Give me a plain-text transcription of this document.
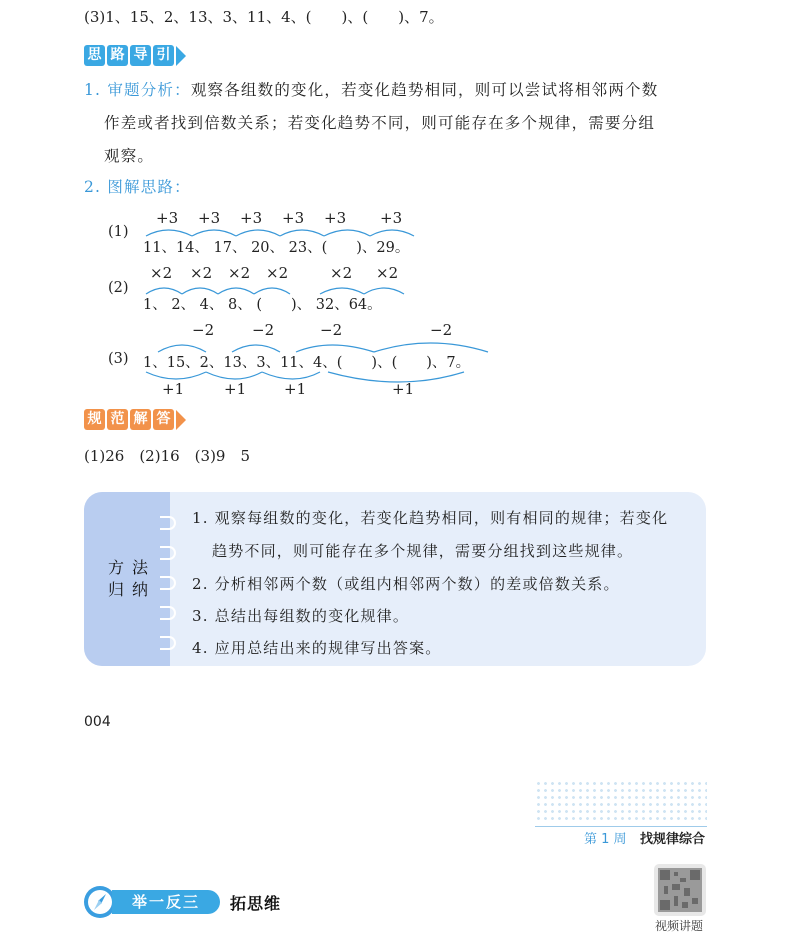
(3)1、15、2、13、3、11、4、(　　)、(　　)、7。
思 路 导 引
1. 审题分析：观察各组数的变化，若变化趋势相同，则可以尝试将相邻两个数
作差或者找到倍数关系；若变化趋势不同，则可能存在多个规律，需要分组
观察。
2. 图解思路：
+3 +3 +3 +3 +3 +3
(1)
11、14、 17、 20、 23、(　　)、29。
×2 ×2 ×2 ×2	×2 ×2
(2)
1、 2、 4、 8、 (　　)、 32、64。
−2	−2	−2	−2
(3) 1、15、2、13、3、11、4、(　　)、(　　)、7。
+1	+1	+1	+1
规 范 解 答
(1)26　(2)16　(3)9　5
方法
归纳
1. 观察每组数的变化，若变化趋势相同，则有相同的规律；若变化
趋势不同，则可能存在多个规律，需要分组找到这些规律。
2. 分析相邻两个数（或组内相邻两个数）的差或倍数关系。
3. 总结出每组数的变化规律。
4. 应用总结出来的规律写出答案。
004
第 1 周 找规律综合
举一反三	拓思维
视频讲题
